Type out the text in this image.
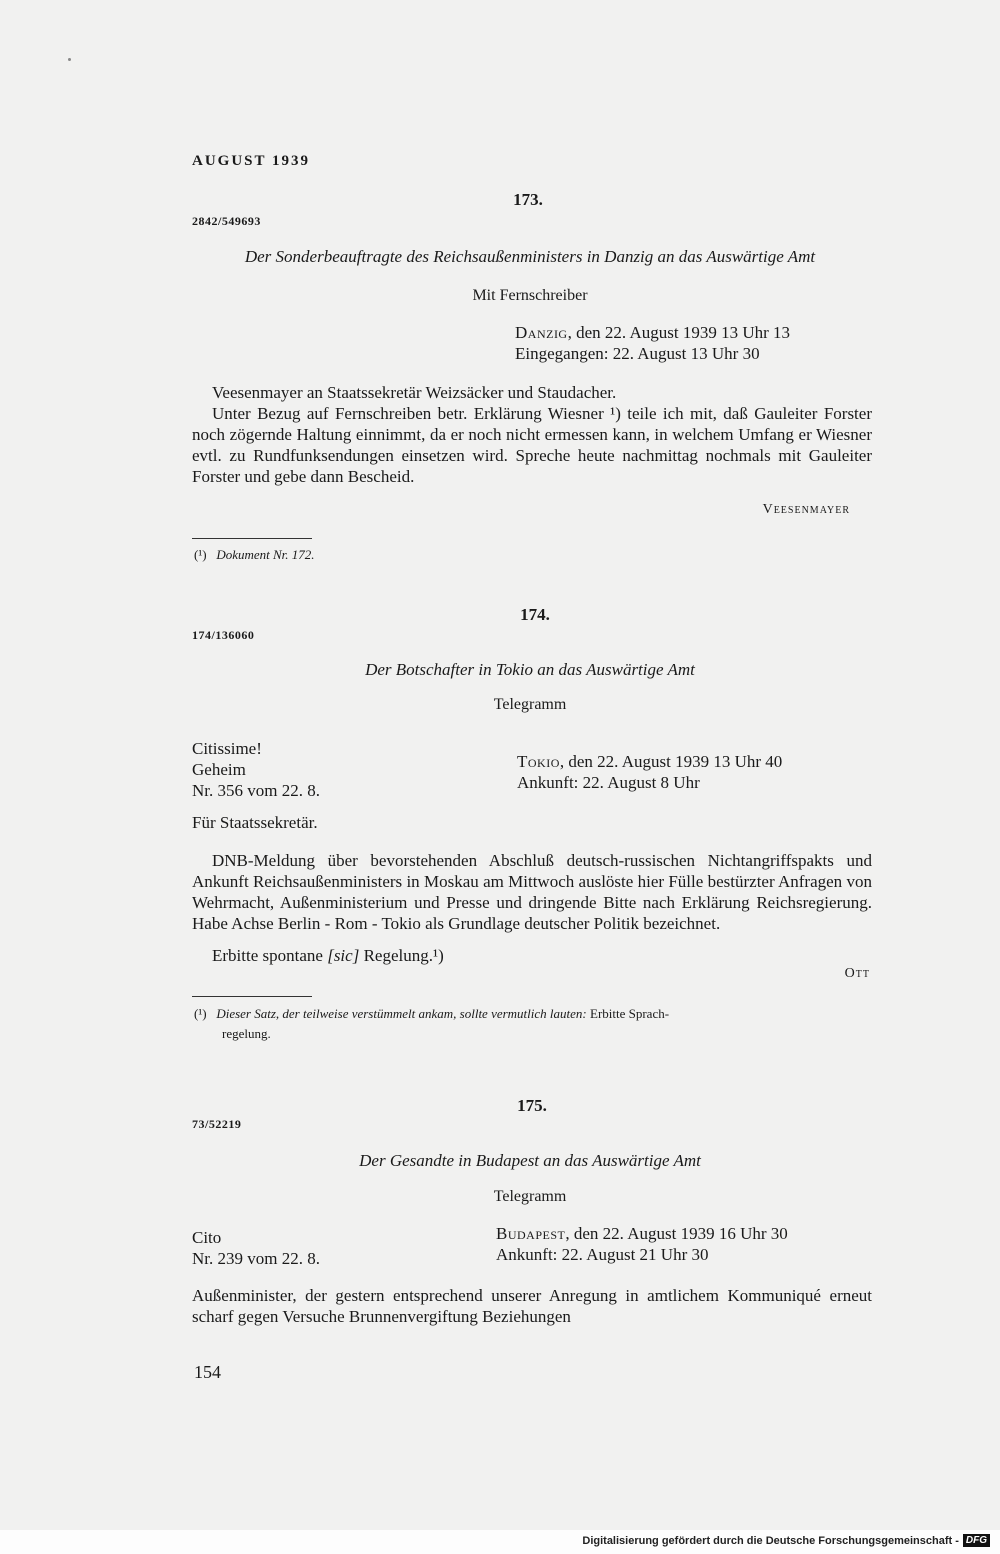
AUGUST 1939
173.
2842/549693
Der Sonderbeauftragte des Reichsaußenministers in Danzig an das Auswärtige Amt
Mit Fernschreiber
Danzig, den 22. August 1939 13 Uhr 13
Eingegangen: 22. August 13 Uhr 30
Veesenmayer an Staatssekretär Weizsäcker und Staudacher.
Unter Bezug auf Fernschreiben betr. Erklärung Wiesner ¹) teile ich mit, daß Gauleiter Forster noch zögernde Haltung einnimmt, da er noch nicht ermessen kann, in welchem Umfang er Wiesner evtl. zu Rundfunksendungen einsetzen wird. Spreche heute nachmittag nochmals mit Gauleiter Forster und gebe dann Bescheid.
Veesenmayer
(¹) Dokument Nr. 172.
174.
174/136060
Der Botschafter in Tokio an das Auswärtige Amt
Telegramm
Citissime!
Geheim
Nr. 356 vom 22. 8.
Tokio, den 22. August 1939 13 Uhr 40
Ankunft: 22. August 8 Uhr
Für Staatssekretär.
DNB-Meldung über bevorstehenden Abschluß deutsch-russischen Nichtangriffspakts und Ankunft Reichsaußenministers in Moskau am Mittwoch auslöste hier Fülle bestürzter Anfragen von Wehrmacht, Außenministerium und Presse und dringende Bitte nach Erklärung Reichsregierung. Habe Achse Berlin - Rom - Tokio als Grundlage deutscher Politik bezeichnet.
Erbitte spontane [sic] Regelung.¹)
Ott
(¹) Dieser Satz, der teilweise verstümmelt ankam, sollte vermutlich lauten: Erbitte Sprach-
regelung.
175.
73/52219
Der Gesandte in Budapest an das Auswärtige Amt
Telegramm
Cito
Nr. 239 vom 22. 8.
Budapest, den 22. August 1939 16 Uhr 30
Ankunft: 22. August 21 Uhr 30
Außenminister, der gestern entsprechend unserer Anregung in amtlichem Kommuniqué erneut scharf gegen Versuche Brunnenvergiftung Beziehungen
154
Digitalisierung gefördert durch die Deutsche Forschungsgemeinschaft - DFG
